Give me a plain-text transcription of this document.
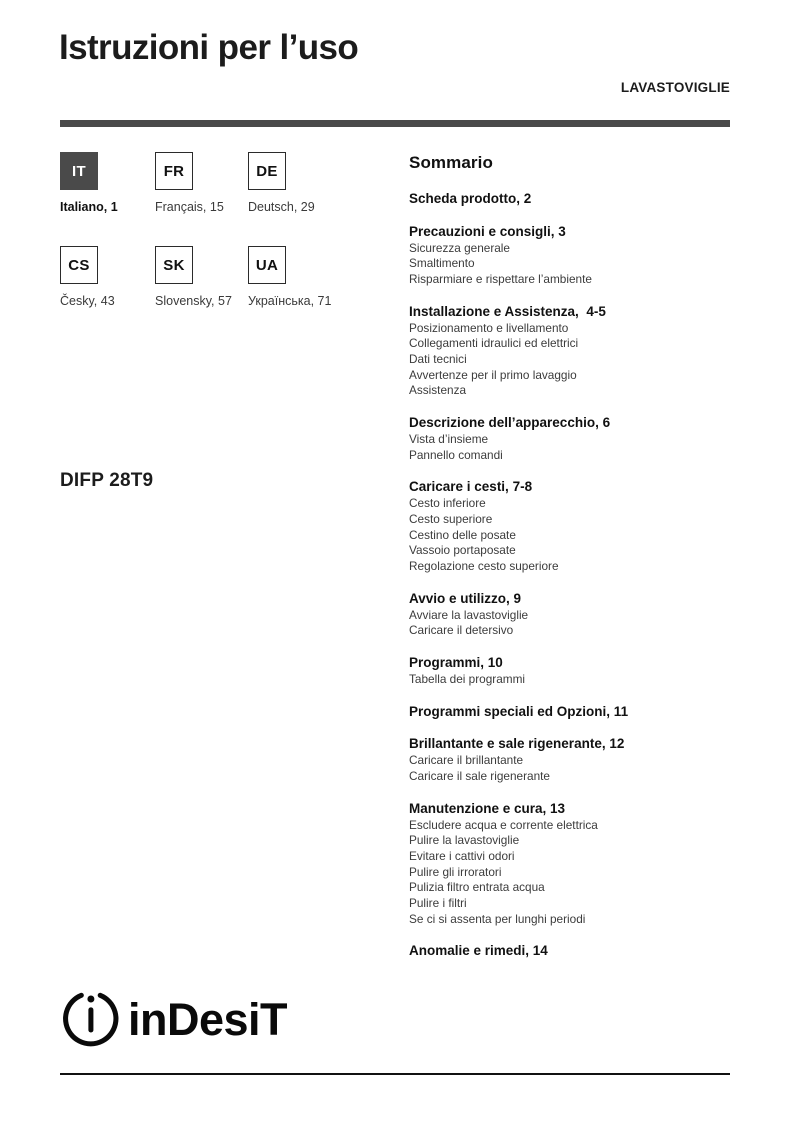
Istruzioni per l’uso
LAVASTOVIGLIE
IT
Italiano, 1
FR
Français, 15
DE
Deutsch, 29
CS
Česky, 43
SK
Slovensky, 57
UA
Українська, 71
DIFP 28T9
inDesiT
Sommario
Scheda prodotto, 2
Precauzioni e consigli, 3
Sicurezza generale
Smaltimento
Risparmiare e rispettare l’ambiente
Installazione e Assistenza,  4-5
Posizionamento e livellamento
Collegamenti idraulici ed elettrici
Dati tecnici
Avvertenze per il primo lavaggio
Assistenza
Descrizione dell’apparecchio, 6
Vista d’insieme
Pannello comandi
Caricare i cesti, 7-8
Cesto inferiore
Cesto superiore
Cestino delle posate
Vassoio portaposate
Regolazione cesto superiore
Avvio e utilizzo, 9
Avviare la lavastoviglie
Caricare il detersivo
Programmi, 10
Tabella dei programmi
Programmi speciali ed Opzioni, 11
Brillantante e sale rigenerante, 12
Caricare il brillantante
Caricare il sale rigenerante
Manutenzione e cura, 13
Escludere acqua e corrente elettrica
Pulire la lavastoviglie
Evitare i cattivi odori
Pulire gli irroratori
Pulizia filtro entrata acqua
Pulire i filtri
Se ci si assenta per lunghi periodi
Anomalie e rimedi, 14
